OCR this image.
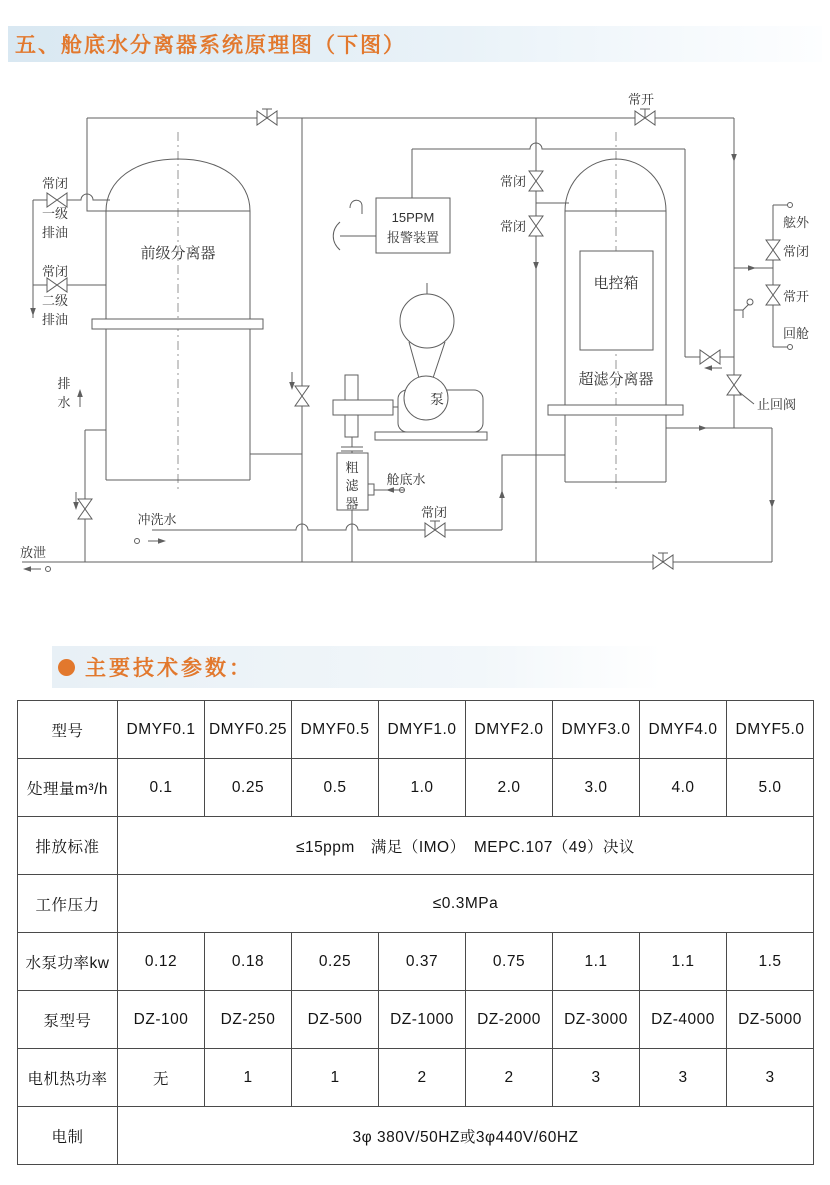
五、舱底水分离器系统原理图（下图）
常闭
一级
排油
常闭
二级
排油
前级分离器
排
水
15PPM
报警装置
常闭
常闭
常开
电控箱
超滤分离器
舷外
常闭
常开
回舱
止回阀
泵
粗
滤
器
舱底水
常闭
冲洗水
放泄
主要技术参数：
型号	DMYF0.1	DMYF0.25	DMYF0.5	DMYF1.0	DMYF2.0	DMYF3.0	DMYF4.0	DMYF5.0
处理量m³/h	0.1	0.25	0.5	1.0	2.0	3.0	4.0	5.0
排放标准	≤15ppm　满足（IMO）　MEPC.107（49）决议							
工作压力	≤0.3MPa							
水泵功率kw	0.12	0.18	0.25	0.37	0.75	1.1	1.1	1.5
泵型号	DZ-100	DZ-250	DZ-500	DZ-1000	DZ-2000	DZ-3000	DZ-4000	DZ-5000
电机热功率	无	1	1	2	2	3	3	3
电制	3φ 380V/50HZ或3φ440V/60HZ							
